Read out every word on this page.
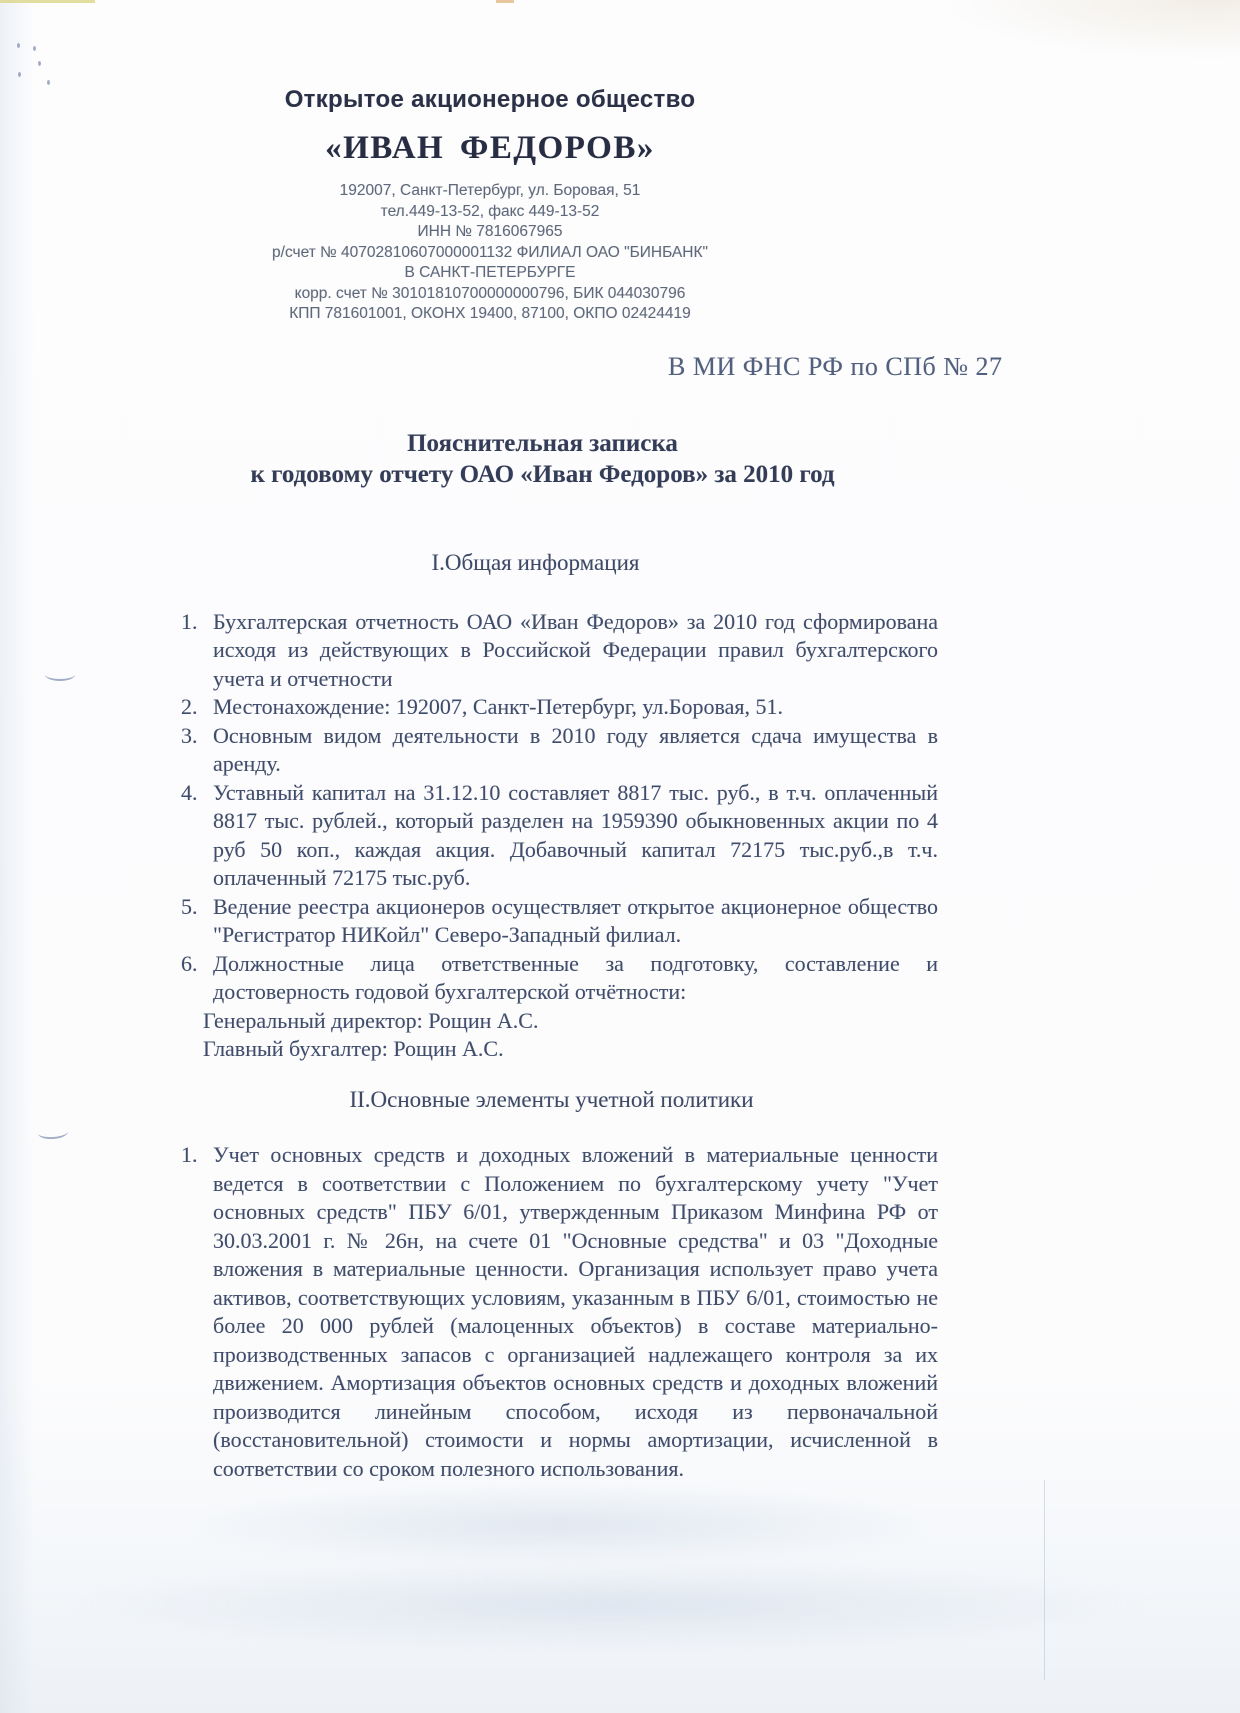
Открытое акционерное общество
«ИВАН ФЕДОРОВ»
192007, Санкт-Петербург, ул. Боровая, 51
тел.449-13-52, факс 449-13-52
ИНН № 7816067965
р/счет № 40702810607000001132 ФИЛИАЛ ОАО "БИНБАНК"
В САНКТ-ПЕТЕРБУРГЕ
корр. счет № 30101810700000000796, БИК 044030796
КПП 781601001, ОКОНХ 19400, 87100, ОКПО 02424419
В МИ ФНС РФ по СПб № 27
Пояснительная записка
к годовому отчету ОАО «Иван Федоров» за 2010 год
I.Общая информация
1. Бухгалтерская отчетность ОАО «Иван Федоров» за 2010 год сформирована исходя из действующих в Российской Федерации правил бухгалтерского учета и отчетности
2. Местонахождение: 192007, Санкт-Петербург, ул.Боровая, 51.
3. Основным видом деятельности в 2010 году является сдача имущества в аренду.
4. Уставный капитал на 31.12.10 составляет 8817 тыс. руб., в т.ч. оплаченный 8817 тыс. рублей., который разделен на 1959390 обыкновенных акции по 4 руб 50 коп., каждая акция. Добавочный капитал 72175 тыс.руб.,в т.ч. оплаченный 72175 тыс.руб.
5. Ведение реестра акционеров осуществляет открытое акционерное общество "Регистратор НИКойл" Северо-Западный филиал.
6. Должностные лица ответственные за подготовку, составление и достоверность годовой бухгалтерской отчётности:
Генеральный директор: Рощин А.С.
Главный бухгалтер: Рощин А.С.
II.Основные элементы учетной политики
1. Учет основных средств и доходных вложений в материальные ценности ведется в соответствии с Положением по бухгалтерскому учету "Учет основных средств" ПБУ 6/01, утвержденным Приказом Минфина РФ от 30.03.2001 г. № 26н, на счете 01 "Основные средства" и 03 "Доходные вложения в материальные ценности. Организация использует право учета активов, соответствующих условиям, указанным в ПБУ 6/01, стоимостью не более 20 000 рублей (малоценных объектов) в составе материально-производственных запасов с организацией надлежащего контроля за их движением. Амортизация объектов основных средств и доходных вложений производится линейным способом, исходя из первоначальной (восстановительной) стоимости и нормы амортизации, исчисленной в соответствии со сроком полезного использования.
